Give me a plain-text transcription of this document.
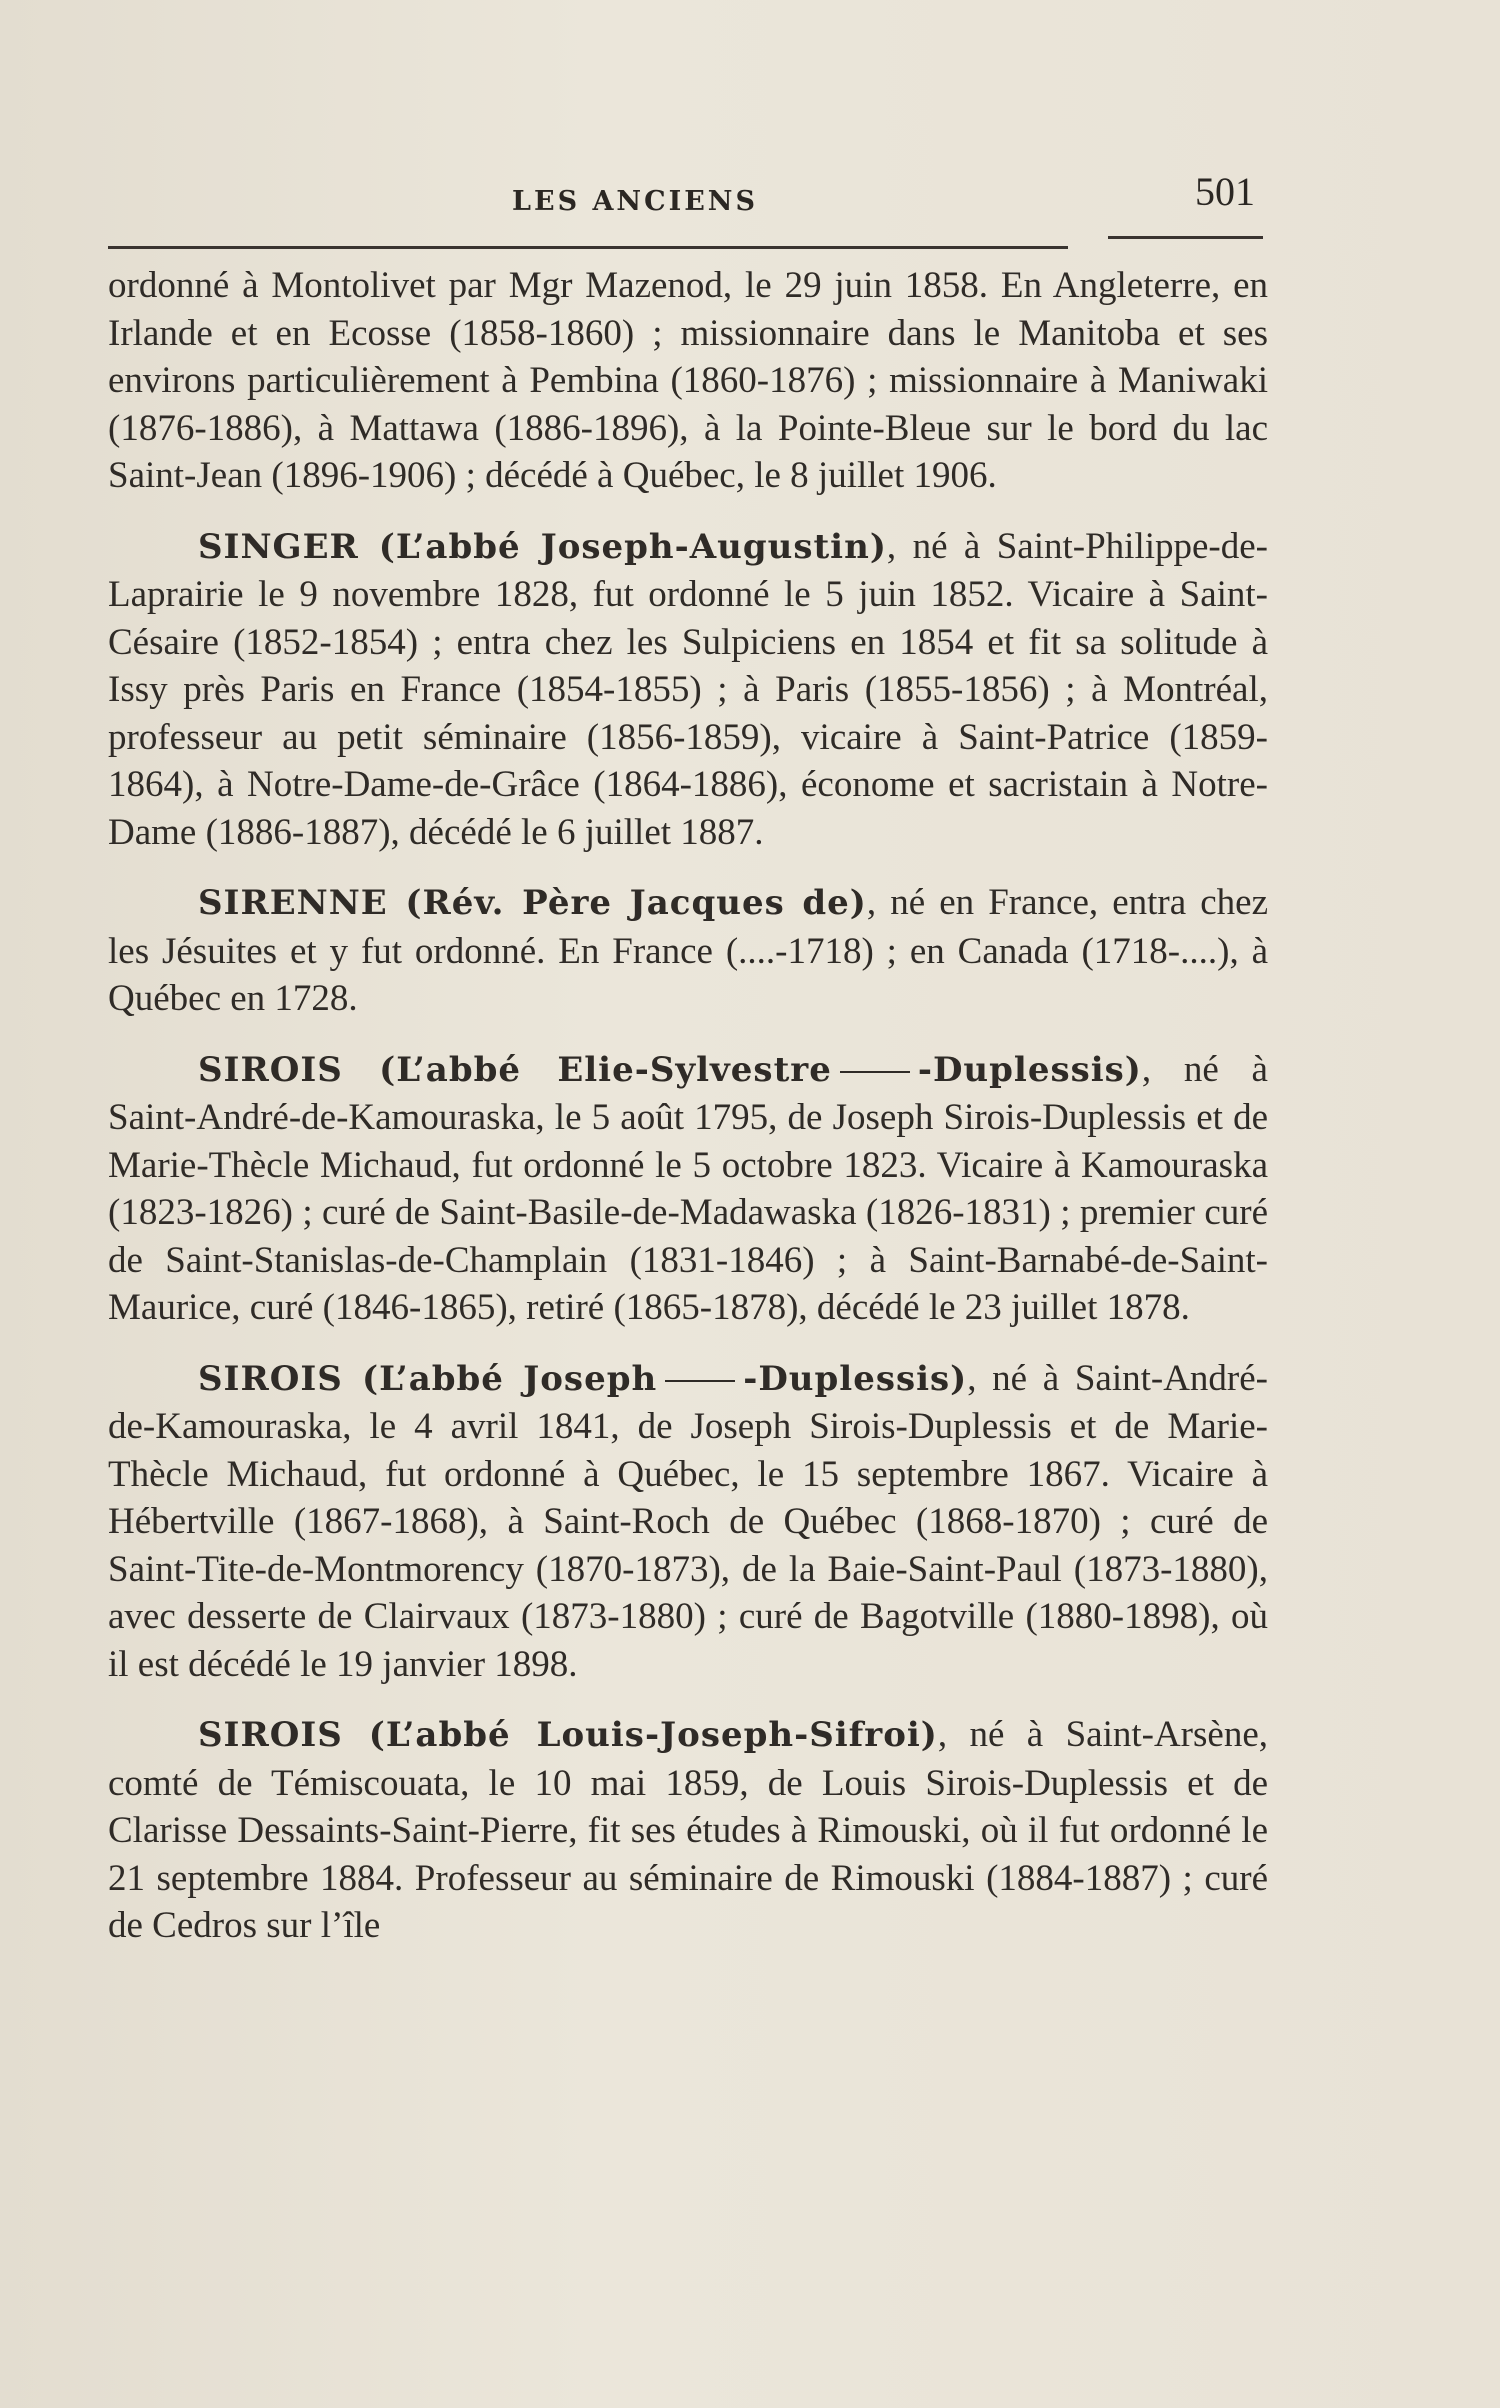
LES ANCIENS	501

ordonné à Montolivet par Mgr Mazenod, le 29 juin 1858. En Angleterre, en Irlande et en Ecosse (1858-1860) ; missionnaire dans le Manitoba et ses environs particulièrement à Pembina (1860-1876) ; missionnaire à Maniwaki (1876-1886), à Mattawa (1886-1896), à la Pointe-Bleue sur le bord du lac Saint-Jean (1896-1906) ; décédé à Québec, le 8 juillet 1906.

SINGER (L’abbé Joseph-Augustin), né à Saint-Philippe-de-Laprairie le 9 novembre 1828, fut ordonné le 5 juin 1852. Vicaire à Saint-Césaire (1852-1854) ; entra chez les Sulpiciens en 1854 et fit sa solitude à Issy près Paris en France (1854-1855) ; à Paris (1855-1856) ; à Montréal, professeur au petit séminaire (1856-1859), vicaire à Saint-Patrice (1859-1864), à Notre-Dame-de-Grâce (1864-1886), économe et sacristain à Notre-Dame (1886-1887), décédé le 6 juillet 1887.

SIRENNE (Rév. Père Jacques de), né en France, entra chez les Jésuites et y fut ordonné. En France (....-1718) ; en Canada (1718-....), à Québec en 1728.

SIROIS (L’abbé Elie-Sylvestre	-Duplessis), né à Saint-André-de-Kamouraska, le 5 août 1795, de Joseph Sirois-Duplessis et de Marie-Thècle Michaud, fut ordonné le 5 octobre 1823. Vicaire à Kamouraska (1823-1826) ; curé de Saint-Basile-de-Madawaska (1826-1831) ; premier curé de Saint-Stanislas-de-Champlain (1831-1846) ; à Saint-Barnabé-de-Saint-Maurice, curé (1846-1865), retiré (1865-1878), décédé le 23 juillet 1878.

SIROIS (L’abbé Joseph	-Duplessis), né à Saint-André-de-Kamouraska, le 4 avril 1841, de Joseph Sirois-Duplessis et de Marie-Thècle Michaud, fut ordonné à Québec, le 15 septembre 1867. Vicaire à Hébertville (1867-1868), à Saint-Roch de Québec (1868-1870) ; curé de Saint-Tite-de-Montmorency (1870-1873), de la Baie-Saint-Paul (1873-1880), avec desserte de Clairvaux (1873-1880) ; curé de Bagotville (1880-1898), où il est décédé le 19 janvier 1898.

SIROIS (L’abbé Louis-Joseph-Sifroi), né à Saint-Arsène, comté de Témiscouata, le 10 mai 1859, de Louis Sirois-Duplessis et de Clarisse Dessaints-Saint-Pierre, fit ses études à Rimouski, où il fut ordonné le 21 septembre 1884. Professeur au séminaire de Rimouski (1884-1887) ; curé de Cedros sur l’île
